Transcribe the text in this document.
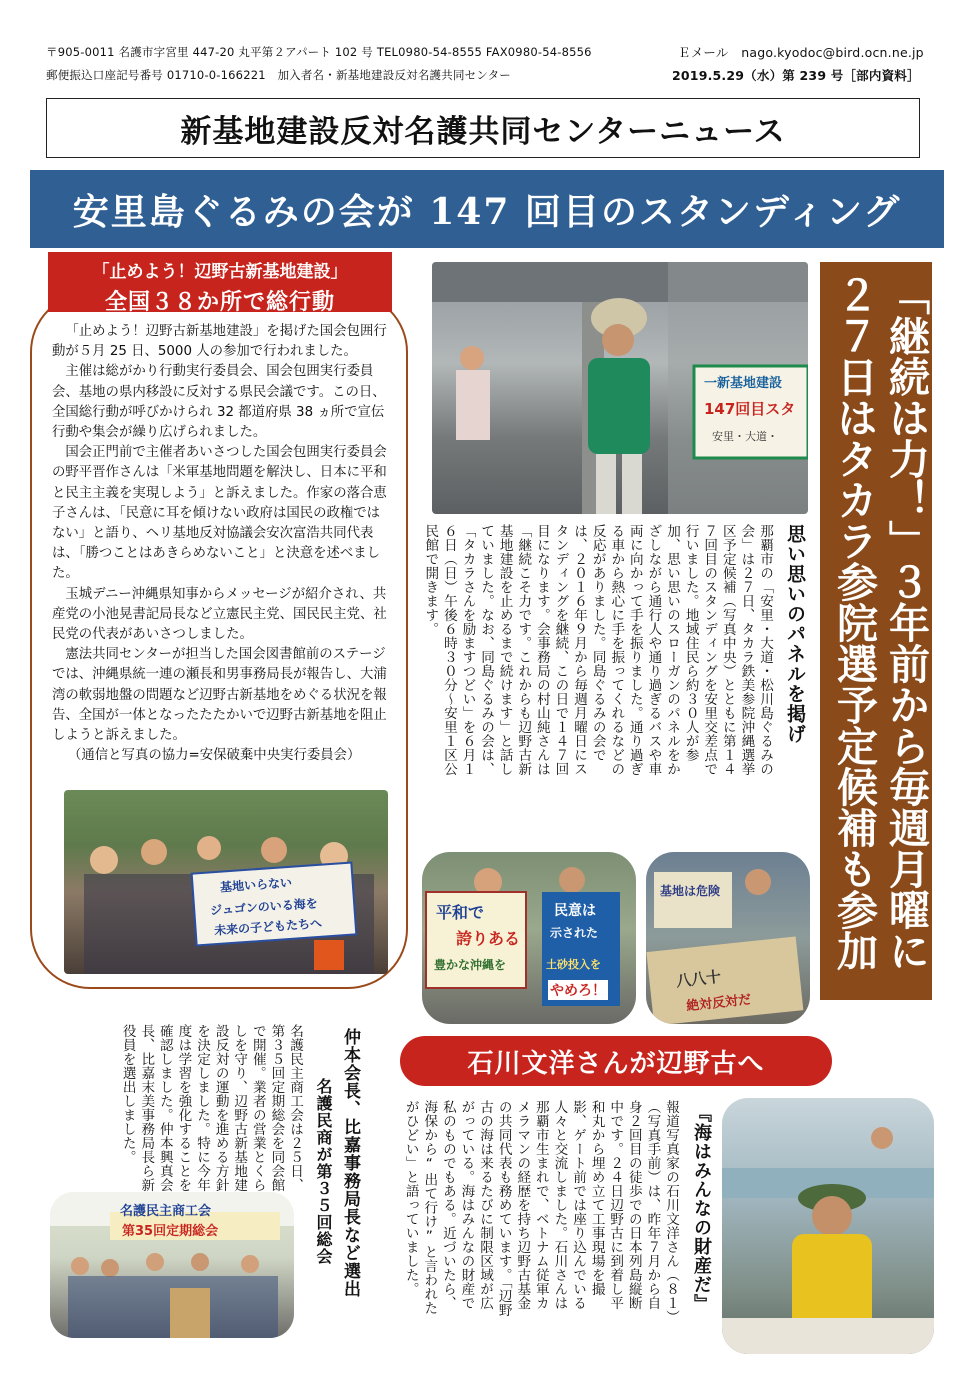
〒905-0011 名護市字宮里 447-20 丸平第２アパート 102 号 TEL0980-54-8555 FAX0980-54-8556	Ｅメール　 nago.kyodoc@bird.ocn.ne.jp
郵便振込口座記号番号 01710-0-166221　加入者名・新基地建設反対名護共同センター	2019.5.29（水）第 239 号［部内資料］
新基地建設反対名護共同センターニュース
安里島ぐるみの会が 147 回目のスタンディング
「止めよう！辺野古新基地建設」
全国３８か所で総行動

「止めよう！辺野古新基地建設」を掲げた国会包囲行動が５月 25 日、5000 人の参加で行われました。

主催は総がかり行動実行委員会、国会包囲実行委員会、基地の県内移設に反対する県民会議です。この日、全国総行動が呼びかけられ 32 都道府県 38 ヵ所で宣伝行動や集会が繰り広げられました。

国会正門前で主催者あいさつした国会包囲実行委員会の野平晋作さんは「米軍基地問題を解決し、日本に平和と民主主義を実現しよう」と訴えました。作家の落合恵子さんは、「民意に耳を傾けない政府は国民の政権ではない」と語り、ヘリ基地反対協議会安次富浩共同代表は、「勝つことはあきらめないこと」と決意を述べました。

玉城デニー沖縄県知事からメッセージが紹介され、共産党の小池晃書記局長など立憲民主党、国民民主党、社民党の代表があいさつしました。

憲法共同センターが担当した国会図書館前のステージでは、沖縄県統一連の瀬長和男事務局長が報告し、大浦湾の軟弱地盤の問題など辺野古新基地をめぐる状況を報告、全国が一体となったたたかいで辺野古新基地を阻止しようと訴えました。

（通信と写真の協力=安保破棄中央実行委員会）

基地いらない
ジュゴンのいる海を
未来の子どもたちへ
一新基地建設
147回目スタ
安里・大道・
思い思いのパネルを掲げ
那覇市の「安里・大道・松川島ぐるみの会」は２７日、タカラ鉄美参院沖縄選挙区予定候補（写真中央）とともに第１４７回目のスタンディングを安里交差点で行いました。地域住民ら約３０人が参加、思い思いのスローガンのパネルをかざしながら通行人や通り過ぎるバスや車両に向かって手を振りました。通り過ぎる車から熱心に手を振ってくれるなどの反応がありました。同島ぐるみの会では、２０１６年９月から毎週月曜日にスタンディングを継続、この日で１４７回目になります。会事務局の村山純さんは「継続こそ力です。これからも辺野古新基地建設を止めるまで続けます」と話していました。なお、同島ぐるみの会は、「タカラさんを励ますつどい」を６月１６日（日）午後６時３０分〜安里１区公民館で開きます。
平和で
誇りある
豊かな沖縄を
民意は
示された
土砂投入を
やめろ！
基地は危険
八八十
絶対反対だ
「継続は力！」３年前から毎週月曜に２７日はタカラ参院選予定候補も参加
仲本会長、比嘉事務局長など選出
名護民商が第３５回総会
名護民主商工会は２５日、第３５回定期総会を同会館で開催。業者の営業とくらしを守り、辺野古新基地建設反対の運動を進める方針を決定しました。特に今年度は学習を強化することを確認しました。仲本興真会長、比嘉末美事務局長ら新役員を選出しました。
名護民主商工会
第35回定期総会
石川文洋さんが辺野古へ
『海はみんなの財産だ』
報道写真家の石川文洋さん（８１）（写真手前）は、昨年７月から自身２回目の徒歩での日本列島縦断中です。２４日辺野古に到着し平和丸から埋め立て工事現場を撮影、ゲート前では座り込んでいる人々と交流しました。石川さんは那覇市生まれで、ベトナム従軍カメラマンの経歴を持ち辺野古基金の共同代表も務めています。「辺野古の海は来るたびに制限区域が広がっている。海はみんなの財産で私のものでもある。近づいたら、海保から“出て行け”と言われたがひどい」と語っていました。
